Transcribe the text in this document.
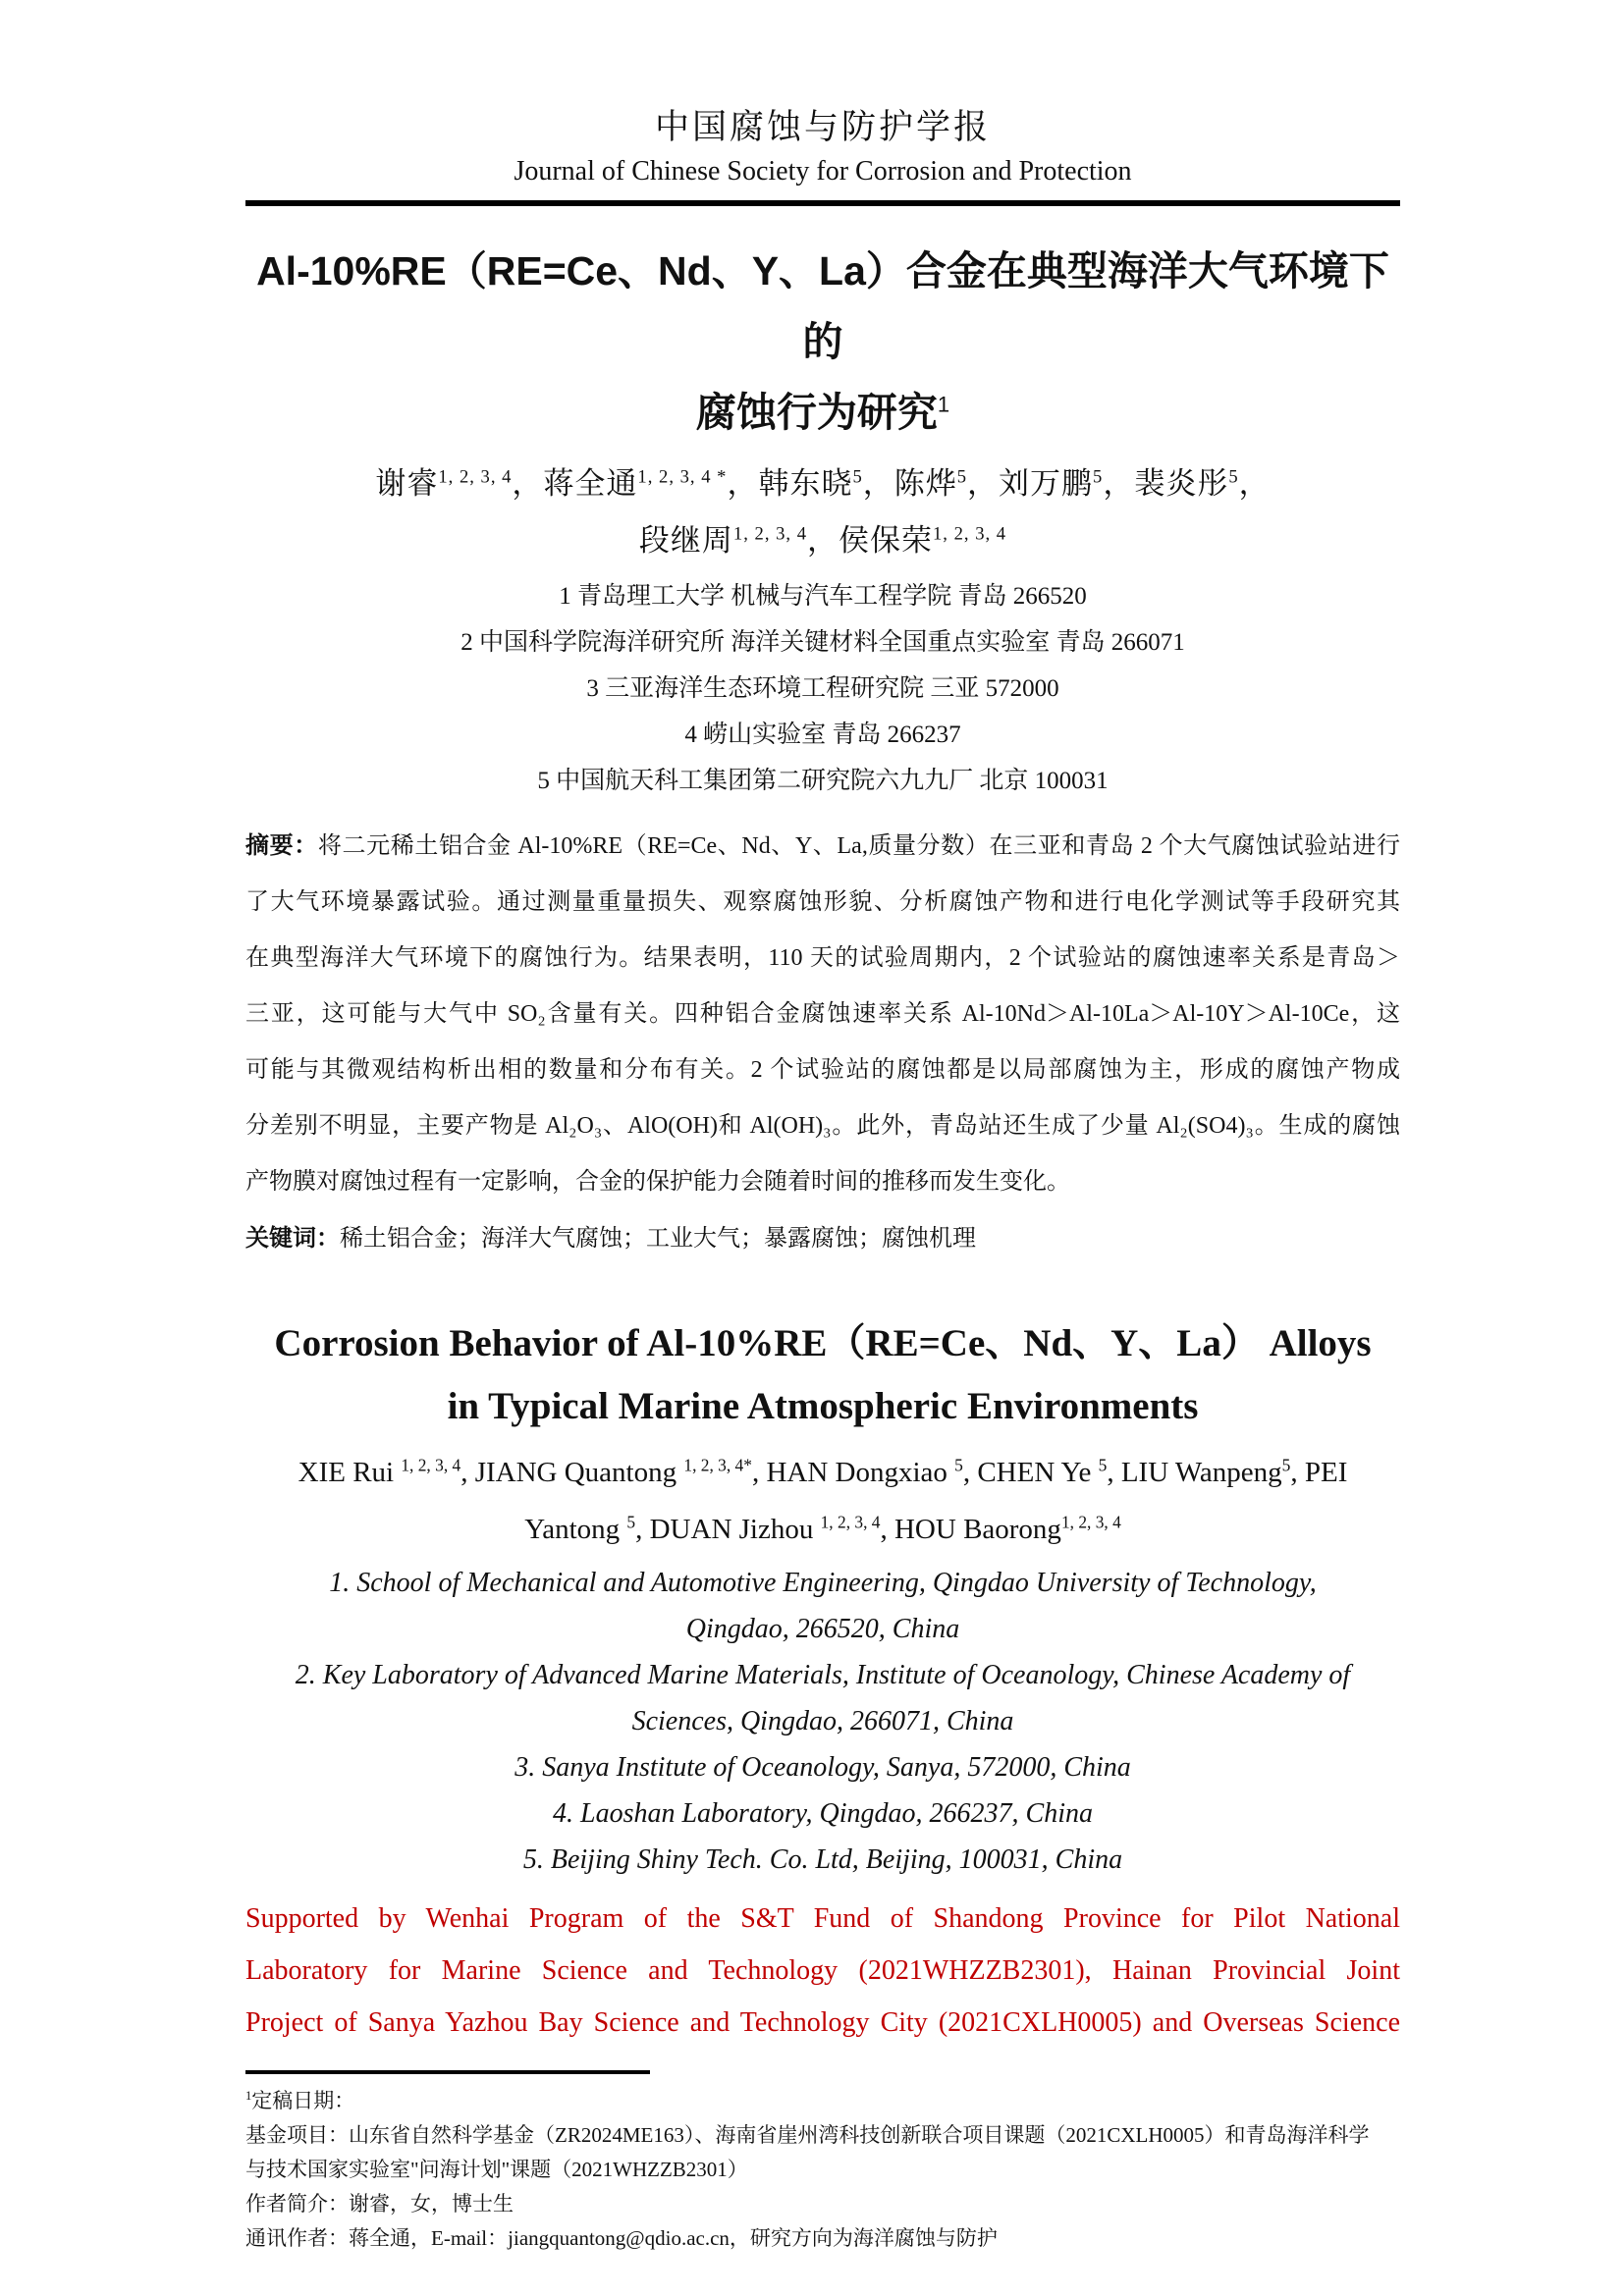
中国腐蚀与防护学报
Journal of Chinese Society for Corrosion and Protection
Al-10%RE（RE=Ce、Nd、Y、La）合金在典型海洋大气环境下的
腐蚀行为研究$^1$
谢睿$^{1, 2, 3, 4}$，蒋全通$^{1, 2, 3, 4 *}$，韩东晓$^5$，陈烨$^5$，刘万鹏$^5$，裴炎彤$^5$，
段继周$^{1, 2, 3, 4}$，侯保荣$^{1, 2, 3, 4}$
1 青岛理工大学 机械与汽车工程学院 青岛 266520
2 中国科学院海洋研究所 海洋关键材料全国重点实验室 青岛 266071
3 三亚海洋生态环境工程研究院 三亚 572000
4 崂山实验室 青岛 266237
5 中国航天科工集团第二研究院六九九厂 北京 100031
摘要：将二元稀土铝合金 Al-10%RE（RE=Ce、Nd、Y、La,质量分数）在三亚和青岛 2 个大气腐蚀试验站进行
了大气环境暴露试验。通过测量重量损失、观察腐蚀形貌、分析腐蚀产物和进行电化学测试等手段研究其
在典型海洋大气环境下的腐蚀行为。结果表明，110 天的试验周期内，2 个试验站的腐蚀速率关系是青岛＞
三亚，这可能与大气中 SO₂含量有关。四种铝合金腐蚀速率关系 Al-10Nd＞Al-10La＞Al-10Y＞Al-10Ce，这
可能与其微观结构析出相的数量和分布有关。2 个试验站的腐蚀都是以局部腐蚀为主，形成的腐蚀产物成
分差别不明显，主要产物是 Al₂O₃、AlO(OH)和 Al(OH)₃。此外，青岛站还生成了少量 Al₂(SO4)₃。生成的腐蚀
产物膜对腐蚀过程有一定影响，合金的保护能力会随着时间的推移而发生变化。
关键词：稀土铝合金；海洋大气腐蚀；工业大气；暴露腐蚀；腐蚀机理
Corrosion Behavior of Al-10%RE（RE=Ce、Nd、Y、La） Alloys
in Typical Marine Atmospheric Environments
XIE Rui $^{1, 2, 3, 4}$, JIANG Quantong $^{1, 2, 3, 4*}$, HAN Dongxiao $^5$, CHEN Ye $^5$, LIU Wanpeng$^5$, PEI
Yantong $^5$, DUAN Jizhou $^{1, 2, 3, 4}$, HOU Baorong$^{1, 2, 3, 4}$
1. School of Mechanical and Automotive Engineering, Qingdao University of Technology,
Qingdao, 266520, China
2. Key Laboratory of Advanced Marine Materials, Institute of Oceanology, Chinese Academy of
Sciences, Qingdao, 266071, China
3. Sanya Institute of Oceanology, Sanya, 572000, China
4. Laoshan Laboratory, Qingdao, 266237, China
5. Beijing Shiny Tech. Co. Ltd, Beijing, 100031, China
Supported by Wenhai Program of the S&T Fund of Shandong Province for Pilot National
Laboratory for Marine Science and Technology (2021WHZZB2301), Hainan Provincial Joint
Project of Sanya Yazhou Bay Science and Technology City (2021CXLH0005) and Overseas Science
$^1$定稿日期：
基金项目：山东省自然科学基金（ZR2024ME163）、海南省崖州湾科技创新联合项目课题（2021CXLH0005）和青岛海洋科学
与技术国家实验室"问海计划"课题（2021WHZZB2301）
作者简介：谢睿，女，博士生
通讯作者：蒋全通，E-mail：jiangquantong@qdio.ac.cn，研究方向为海洋腐蚀与防护
